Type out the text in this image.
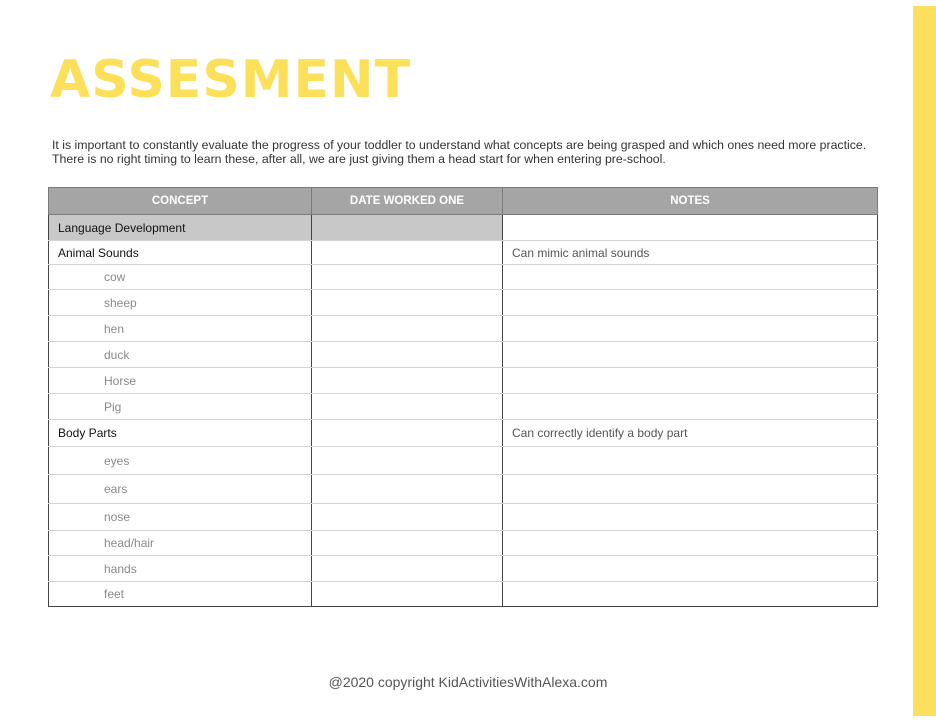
ASSESMENT

It is important to constantly evaluate the progress of your toddler to understand what concepts are being grasped and which ones need more practice.
There is no right timing to learn these, after all, we are just giving them a head start for when entering pre-school.

CONCEPT	DATE WORKED ONE	NOTES
Language Development		
Animal Sounds		Can mimic animal sounds
cow		
sheep		
hen		
duck		
Horse		
Pig		
Body Parts		Can correctly identify a body part
eyes		
ears		
nose		
head/hair		
hands		
feet		
@2020 copyright KidActivitiesWithAlexa.com
